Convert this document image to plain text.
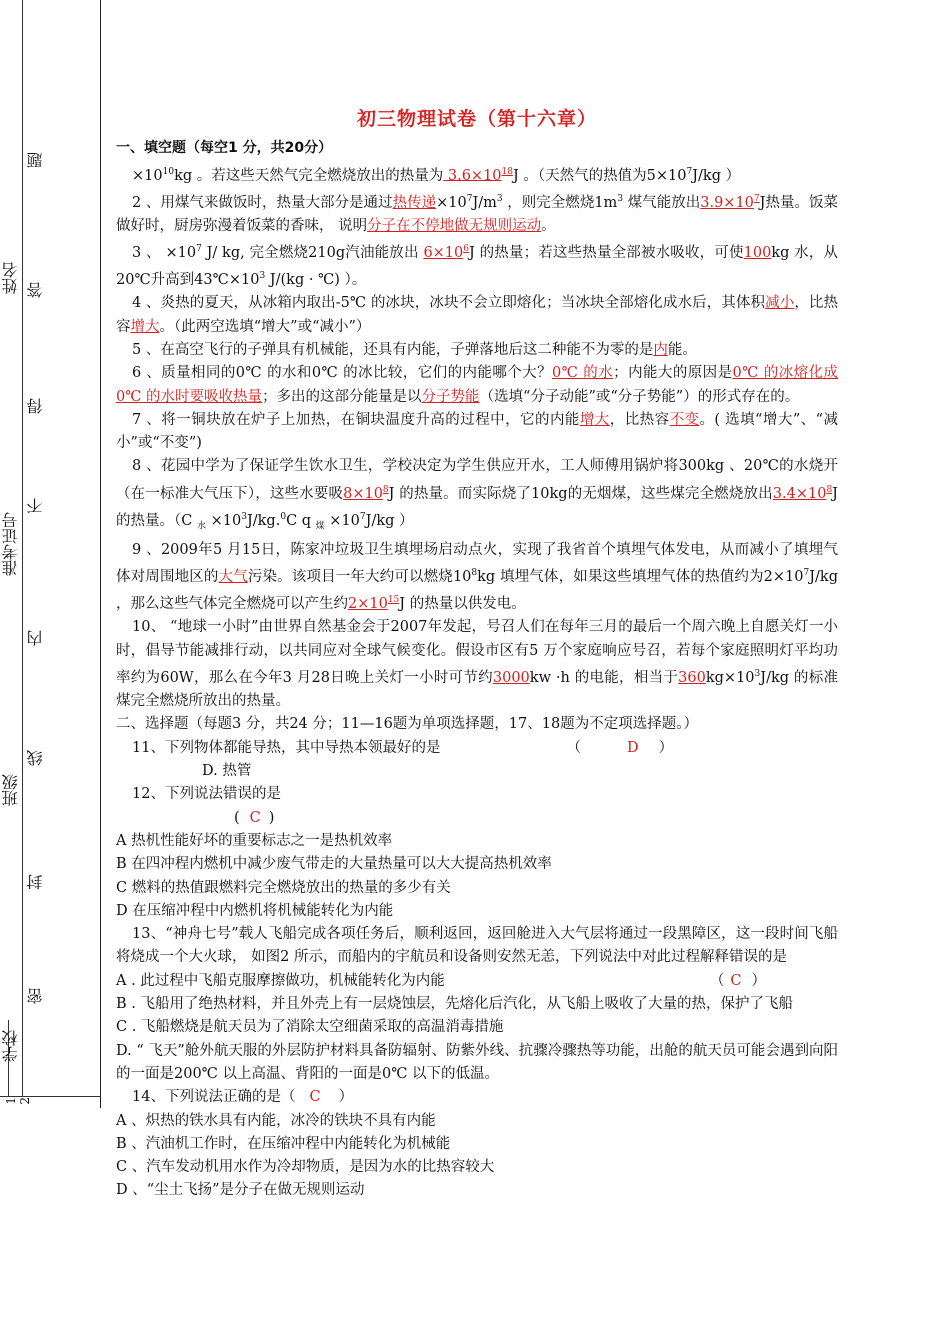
学校
班级
准考证号
姓名
题
答
得
不
内
线
封
密
1 2
初三物理试卷（第十六章）
一、填空题（每空1 分，共20分）

$\times 10^{10}kg$ 。若这些天然气完全燃烧放出的热量为 $3.6\times 10^{18}J$ 。（天然气的热值为$5\times 10^7J/kg$ ）

2 、用煤气来做饭时，热量大部分是通过热传递$\times 10^7J/m^3$ ，则完全燃烧$1m^3$ 煤气能放出$3.9\times 10^7J$热量。饭菜做好时，厨房弥漫着饭菜的香味， 说明分子在不停地做无规则运动。

3 、 $\times 10^7$ J/ kg, 完全燃烧210g汽油能放出 $6\times 10^6J$ 的热量；若这些热量全部被水吸收，可使100kg 水，从20℃升高到$43℃\times 10^3$ J/(kg · ℃) ）。

4 、炎热的夏天，从冰箱内取出-5℃ 的冰块，冰块不会立即熔化；当冰块全部熔化成水后，其体积减小，比热容增大。（此两空选填“增大”或“减小”）

5 、在高空飞行的子弹具有机械能，还具有内能，子弹落地后这二种能不为零的是内能。

6 、质量相同的0℃ 的水和0℃ 的冰比较，它们的内能哪个大？0℃ 的水；内能大的原因是0℃ 的冰熔化成0℃ 的水时要吸收热量；多出的这部分能量是以分子势能（选填“分子动能”或“分子势能”）的形式存在的。

7 、将一铜块放在炉子上加热，在铜块温度升高的过程中，它的内能增大，比热容不变。( 选填“增大”、“减小”或“不变”)

8 、花园中学为了保证学生饮水卫生，学校决定为学生供应开水，工人师傅用锅炉将300kg 、20℃的水烧开（在一标准大气压下），这些水要吸$8\times 10^8J$ 的热量。而实际烧了10kg的无烟煤，这些煤完全燃烧放出$3.4\times 10^8J$的热量。（C $_水 \times 10^3J/kg.^0C$ q $_煤 \times 10^7J/kg$ ）

9 、2009年5 月15日，陈家冲垃圾卫生填埋场启动点火，实现了我省首个填埋气体发电，从而减小了填埋气体对周围地区的大气污染。该项目一年大约可以燃烧$10^8kg$ 填埋气体，如果这些填埋气体的热值约为$2\times 10^7J/kg$ ，那么这些气体完全燃烧可以产生约$2\times 10^{15}J$ 的热量以供发电。

10、 “地球一小时”由世界自然基金会于2007年发起，号召人们在每年三月的最后一个周六晚上自愿关灯一小时，倡导节能减排行动，以共同应对全球气候变化。假设市区有5 万个家庭响应号召，若每个家庭照明灯平均功率约为60W，那么在今年3 月28日晚上关灯一小时可节约3000kw ·h 的电能，相当于$360kg\times 10^3J/kg$ 的标准煤完全燃烧所放出的热量。

二、选择题（每题3 分，共24 分；11—16题为单项选择题，17、18题为不定项选择题。）

11、下列物体都能导热，其中导热本领最好的是	（	D ）

D. 热管

12、下列说法错误的是

( C )

A 热机性能好坏的重要标志之一是热机效率

B 在四冲程内燃机中减少废气带走的大量热量可以大大提高热机效率

C 燃料的热值跟燃料完全燃烧放出的热量的多少有关

D 在压缩冲程中内燃机将机械能转化为内能

13、“神舟七号”载人飞船完成各项任务后，顺利返回，返回舱进入大气层将通过一段黑障区，这一段时间飞船将烧成一个大火球， 如图2 所示，而船内的宇航员和设备则安然无恙，下列说法中对此过程解释错误的是
（ C ）

A . 此过程中飞船克服摩擦做功，机械能转化为内能

B . 飞船用了绝热材料，并且外壳上有一层烧蚀层，先熔化后汽化，从飞船上吸收了大量的热，保护了飞船

C . 飞船燃烧是航天员为了消除太空细菌采取的高温消毒措施

D. “ 飞天”舱外航天服的外层防护材料具备防辐射、防紫外线、抗骤冷骤热等功能，出舱的航天员可能会遇到向阳的一面是200℃ 以上高温、背阳的一面是0℃ 以下的低温。

14、下列说法正确的是（ C ）

A 、炽热的铁水具有内能，冰冷的铁块不具有内能

B 、汽油机工作时，在压缩冲程中内能转化为机械能

C 、汽车发动机用水作为冷却物质，是因为水的比热容较大

D 、“尘土飞扬”是分子在做无规则运动
